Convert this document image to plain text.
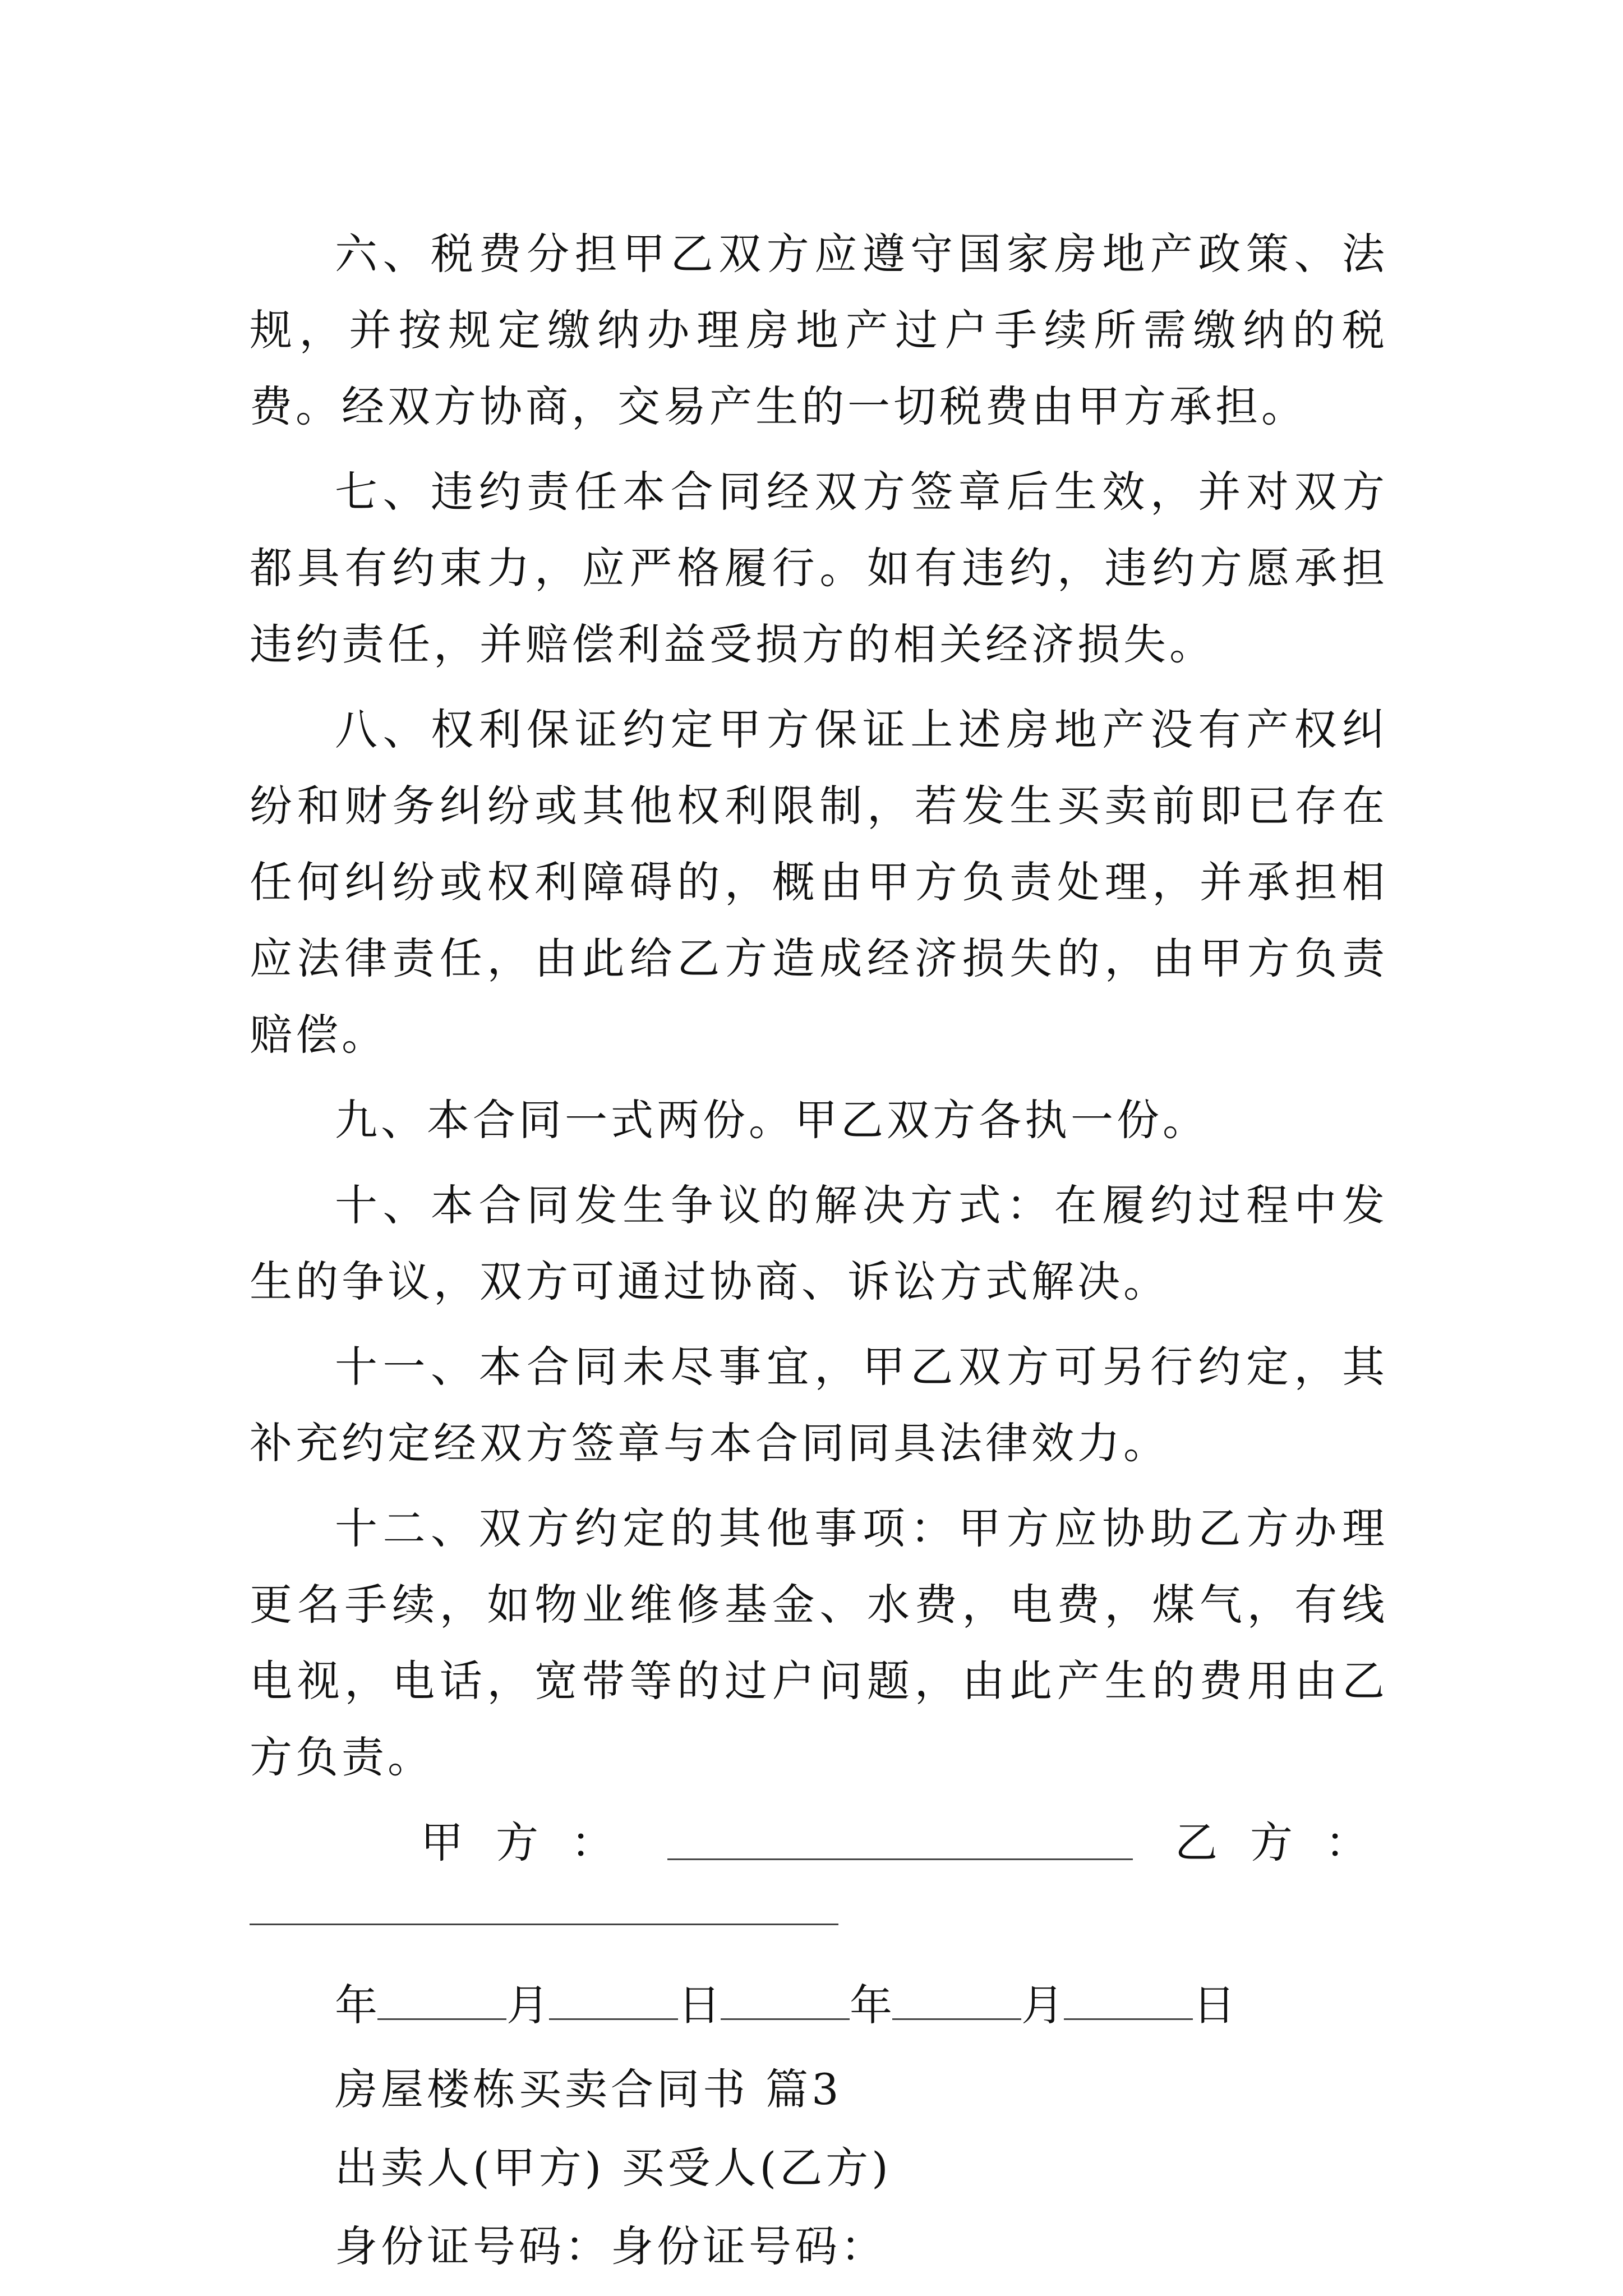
六、税费分担甲乙双方应遵守国家房地产政策、法规，并按规定缴纳办理房地产过户手续所需缴纳的税费。经双方协商，交易产生的一切税费由甲方承担。

七、违约责任本合同经双方签章后生效，并对双方都具有约束力，应严格履行。如有违约，违约方愿承担违约责任，并赔偿利益受损方的相关经济损失。

八、权利保证约定甲方保证上述房地产没有产权纠纷和财务纠纷或其他权利限制，若发生买卖前即已存在任何纠纷或权利障碍的，概由甲方负责处理，并承担相应法律责任，由此给乙方造成经济损失的，由甲方负责赔偿。

九、本合同一式两份。甲乙双方各执一份。

十、本合同发生争议的解决方式：在履约过程中发生的争议，双方可通过协商、诉讼方式解决。

十一、本合同未尽事宜，甲乙双方可另行约定，其补充约定经双方签章与本合同同具法律效力。

十二、双方约定的其他事项：甲方应协助乙方办理更名手续，如物业维修基金、水费，电费，煤气，有线电视，电话，宽带等的过户问题，由此产生的费用由乙方负责。

甲方：	乙方：
年	月	日	年	月	日

房屋楼栋买卖合同书 篇3

出卖人(甲方) 买受人(乙方)

身份证号码：身份证号码：
